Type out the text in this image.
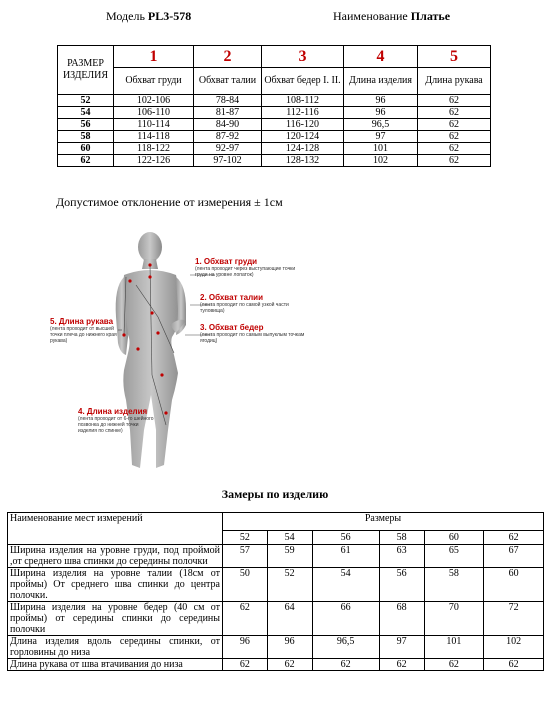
Модель PL3-578	Наименование Платье
РАЗМЕР ИЗДЕЛИЯ	1	2	3	4	5
	Обхват груди	Обхват талии	Обхват бедер I. II.	Длина изделия	Длина рукава
52	102-106	78-84	108-112	96	62
54	106-110	81-87	112-116	96	62
56	110-114	84-90	116-120	96,5	62
58	114-118	87-92	120-124	97	62
60	118-122	92-97	124-128	101	62
62	122-126	97-102	128-132	102	62
Допустимое отклонение от измерения ± 1см
1. Обхват груди
(лента проходит через выступающие точки груди на уровне лопаток)
2. Обхват талии
(лента проходит по самой узкой части туловища)
3. Обхват бедер
(лента проходит по самым выпуклым точкам ягодиц)
4. Длина изделия
(лента проходит от 6-го шейного позвонка до нижней точки изделия по спинке)
5. Длина рукава
(лента проходит от высшей точки плеча до нижнего края рукава)
Замеры по изделию
Наименование мест измерений	Размеры					
	52	54	56	58	60	62
Ширина изделия на уровне груди, под проймой ,от среднего шва спинки до середины полочки	57	59	61	63	65	67
Ширина изделия на уровне талии (18см от проймы) От среднего шва спинки до центра полочки.	50	52	54	56	58	60
Ширина изделия на уровне бедер (40 см от проймы) от середины спинки до середины полочки	62	64	66	68	70	72
Длина изделия вдоль середины спинки, от горловины до низа	96	96	96,5	97	101	102
Длина рукава от шва втачивания до низа	62	62	62	62	62	62
